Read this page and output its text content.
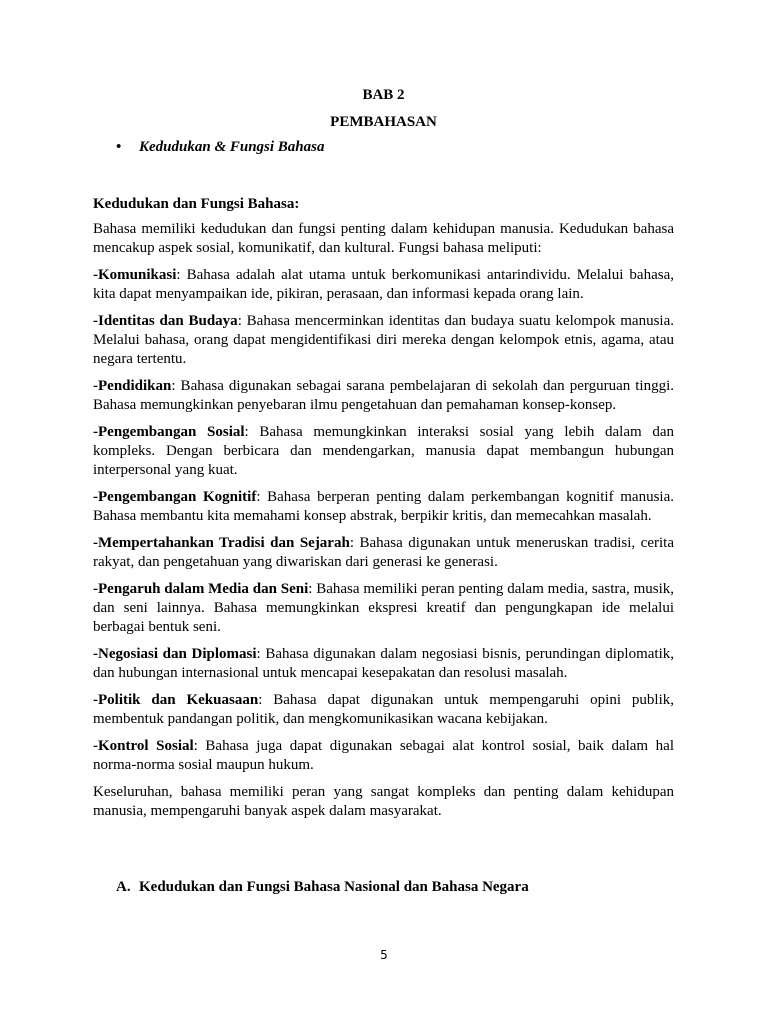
BAB 2

PEMBAHASAN

• Kedudukan & Fungsi Bahasa
Kedudukan dan Fungsi Bahasa:

Bahasa memiliki kedudukan dan fungsi penting dalam kehidupan manusia. Kedudukan bahasa mencakup aspek sosial, komunikatif, dan kultural. Fungsi bahasa meliputi:

-Komunikasi: Bahasa adalah alat utama untuk berkomunikasi antarindividu. Melalui bahasa, kita dapat menyampaikan ide, pikiran, perasaan, dan informasi kepada orang lain.

-Identitas dan Budaya: Bahasa mencerminkan identitas dan budaya suatu kelompok manusia. Melalui bahasa, orang dapat mengidentifikasi diri mereka dengan kelompok etnis, agama, atau negara tertentu.

-Pendidikan: Bahasa digunakan sebagai sarana pembelajaran di sekolah dan perguruan tinggi. Bahasa memungkinkan penyebaran ilmu pengetahuan dan pemahaman konsep-konsep.

-Pengembangan Sosial: Bahasa memungkinkan interaksi sosial yang lebih dalam dan kompleks. Dengan berbicara dan mendengarkan, manusia dapat membangun hubungan interpersonal yang kuat.

-Pengembangan Kognitif: Bahasa berperan penting dalam perkembangan kognitif manusia. Bahasa membantu kita memahami konsep abstrak, berpikir kritis, dan memecahkan masalah.

-Mempertahankan Tradisi dan Sejarah: Bahasa digunakan untuk meneruskan tradisi, cerita rakyat, dan pengetahuan yang diwariskan dari generasi ke generasi.

-Pengaruh dalam Media dan Seni: Bahasa memiliki peran penting dalam media, sastra, musik, dan seni lainnya. Bahasa memungkinkan ekspresi kreatif dan pengungkapan ide melalui berbagai bentuk seni.

-Negosiasi dan Diplomasi: Bahasa digunakan dalam negosiasi bisnis, perundingan diplomatik, dan hubungan internasional untuk mencapai kesepakatan dan resolusi masalah.

-Politik dan Kekuasaan: Bahasa dapat digunakan untuk mempengaruhi opini publik, membentuk pandangan politik, dan mengkomunikasikan wacana kebijakan.

-Kontrol Sosial: Bahasa juga dapat digunakan sebagai alat kontrol sosial, baik dalam hal norma-norma sosial maupun hukum.

Keseluruhan, bahasa memiliki peran yang sangat kompleks dan penting dalam kehidupan manusia, mempengaruhi banyak aspek dalam masyarakat.

A. Kedudukan dan Fungsi Bahasa Nasional dan Bahasa Negara
5
